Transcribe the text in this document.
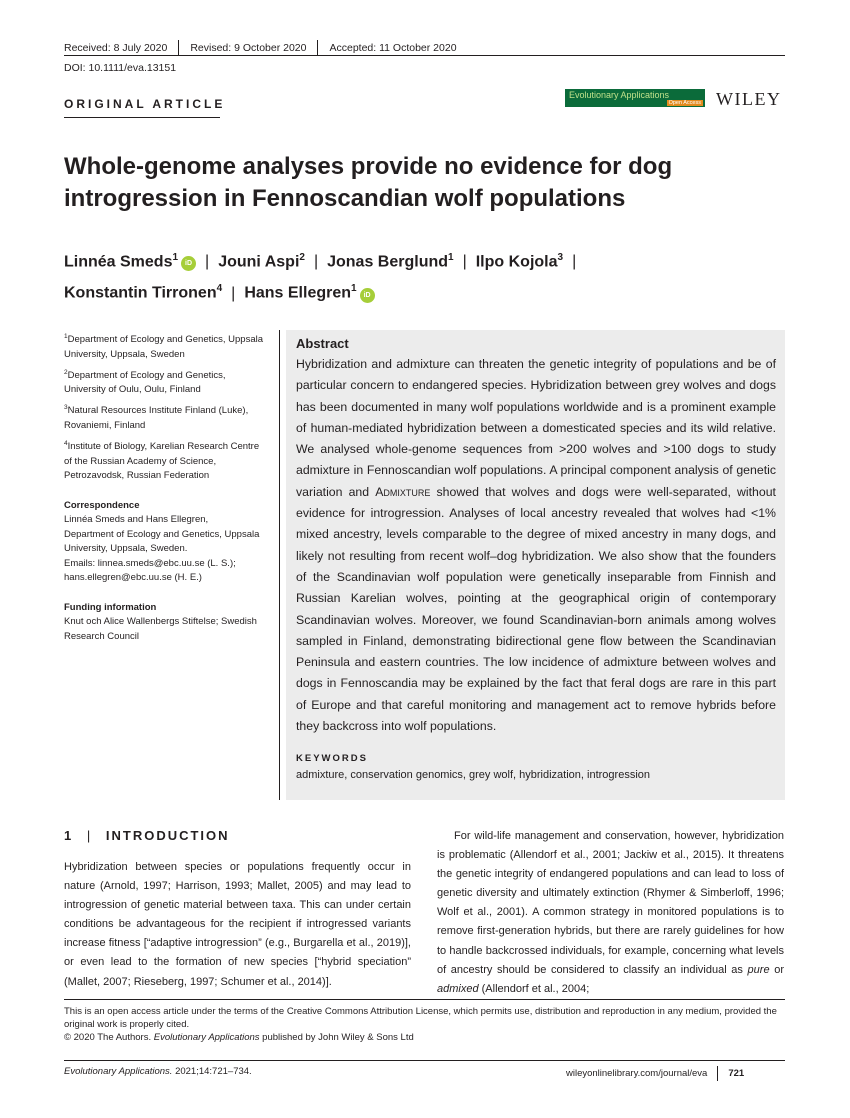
Received: 8 July 2020 Revised: 9 October 2020 Accepted: 11 October 2020
DOI: 10.1111/eva.13151
ORIGINAL ARTICLE
Evolutionary Applications
Open Access WILEY
Whole-genome analyses provide no evidence for dog introgression in Fennoscandian wolf populations
Linnéa Smeds$^1$iD | Jouni Aspi$^2$ | Jonas Berglund$^1$ | Ilpo Kojola$^3$ |
Konstantin Tirronen$^4$ | Hans Ellegren$^1$iD

$^1$Department of Ecology and Genetics, Uppsala University, Uppsala, Sweden

$^2$Department of Ecology and Genetics, University of Oulu, Oulu, Finland

$^3$Natural Resources Institute Finland (Luke), Rovaniemi, Finland

$^4$Institute of Biology, Karelian Research Centre of the Russian Academy of Science, Petrozavodsk, Russian Federation

Correspondence
Linnéa Smeds and Hans Ellegren,
Department of Ecology and Genetics, Uppsala University, Uppsala, Sweden.
Emails: linnea.smeds@ebc.uu.se (L. S.); hans.ellegren@ebc.uu.se (H. E.)
Funding information
Knut och Alice Wallenbergs Stiftelse; Swedish Research Council
Abstract

Hybridization and admixture can threaten the genetic integrity of populations and be of particular concern to endangered species. Hybridization between grey wolves and dogs has been documented in many wolf populations worldwide and is a prominent example of human-mediated hybridization between a domesticated species and its wild relative. We analysed whole-genome sequences from >200 wolves and >100 dogs to study admixture in Fennoscandian wolf populations. A principal component analysis of genetic variation and Admixture showed that wolves and dogs were well-separated, without evidence for introgression. Analyses of local ancestry revealed that wolves had <1% mixed ancestry, levels comparable to the degree of mixed ancestry in many dogs, and likely not resulting from recent wolf–dog hybridization. We also show that the founders of the Scandinavian wolf population were genetically inseparable from Finnish and Russian Karelian wolves, pointing at the geographical origin of contemporary Scandinavian wolves. Moreover, we found Scandinavian-born animals among wolves sampled in Finland, demonstrating bidirectional gene flow between the Scandinavian Peninsula and eastern countries. The low incidence of admixture between wolves and dogs in Fennoscandia may be explained by the fact that feral dogs are rare in this part of Europe and that careful monitoring and management act to remove hybrids before they backcross into wolf populations.

KEYWORDS
admixture, conservation genomics, grey wolf, hybridization, introgression
1 | INTRODUCTION

Hybridization between species or populations frequently occur in nature (Arnold, 1997; Harrison, 1993; Mallet, 2005) and may lead to introgression of genetic material between taxa. This can under certain conditions be advantageous for the recipient if introgressed variants increase fitness [“adaptive introgression” (e.g., Burgarella et al., 2019)], or even lead to the formation of new species [“hybrid speciation” (Mallet, 2007; Rieseberg, 1997; Schumer et al., 2014)].

For wild-life management and conservation, however, hybridization is problematic (Allendorf et al., 2001; Jackiw et al., 2015). It threatens the genetic integrity of endangered populations and can lead to loss of genetic diversity and ultimately extinction (Rhymer & Simberloff, 1996; Wolf et al., 2001). A common strategy in monitored populations is to remove first-generation hybrids, but there are rarely guidelines for how to handle backcrossed individuals, for example, concerning what levels of ancestry should be considered to classify an individual as pure or admixed (Allendorf et al., 2004;

This is an open access article under the terms of the Creative Commons Attribution License, which permits use, distribution and reproduction in any medium, provided the original work is properly cited.
© 2020 The Authors. Evolutionary Applications published by John Wiley & Sons Ltd
Evolutionary Applications. 2021;14:721–734.	wileyonlinelibrary.com/journal/eva 721
